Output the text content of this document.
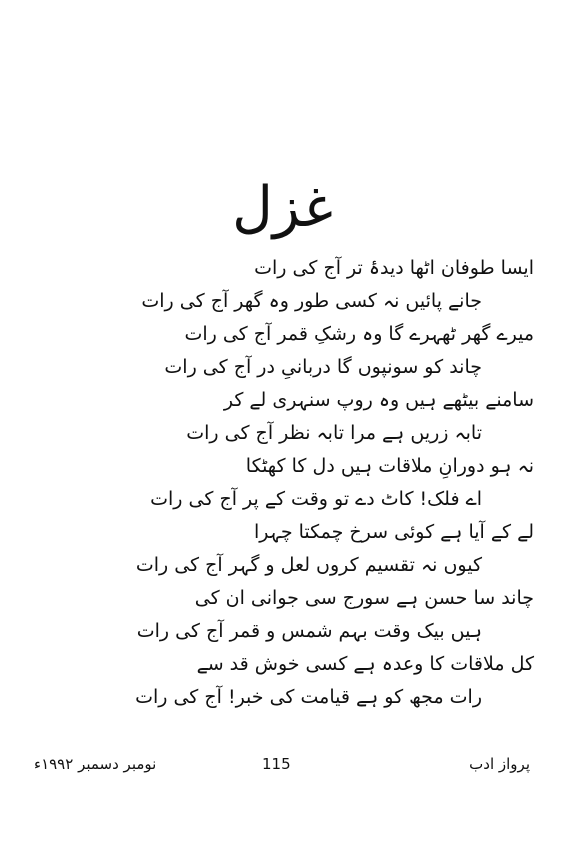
غزل
ایسا طوفان اٹھا دیدۂ تر آج کی رات
جانے پائیں نہ کسی طور وہ گھر آج کی رات
میرے گھر ٹھہرے گا وہ رشکِ قمر آج کی رات
چاند کو سونپوں گا دربانیِ در آج کی رات
سامنے بیٹھے ہیں وہ روپ سنہری لے کر
تابہ زریں ہے مرا تابہ نظر آج کی رات
نہ ہو دورانِ ملاقات ہیں دل کا کھٹکا
اے فلک! کاٹ دے تو وقت کے پر آج کی رات
لے کے آیا ہے کوئی سرخ چمکتا چہرا
کیوں نہ تقسیم کروں لعل و گہر آج کی رات
چاند سا حسن ہے سورج سی جوانی ان کی
ہیں بیک وقت بہم شمس و قمر آج کی رات
کل ملاقات کا وعدہ ہے کسی خوش قد سے
رات مجھ کو ہے قیامت کی خبر! آج کی رات
پرواز ادب
115
نومبر دسمبر ۱۹۹۲ء
